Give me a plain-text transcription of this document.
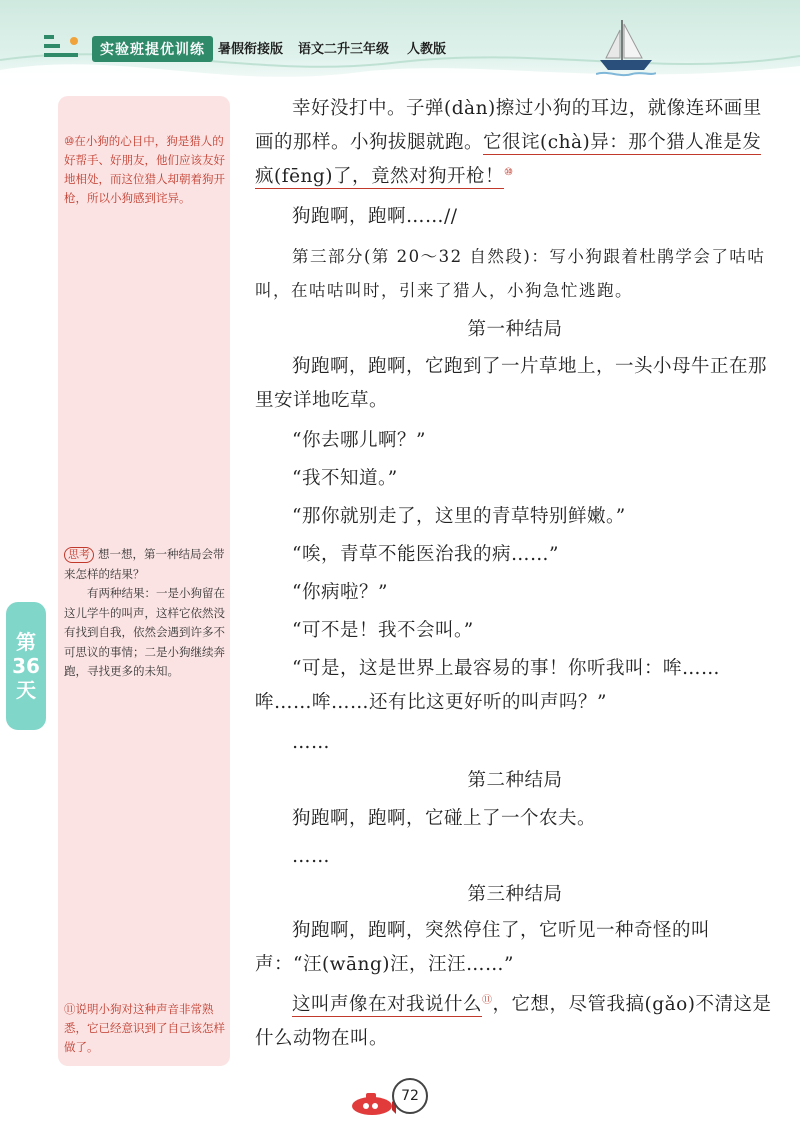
实验班提优训练	暑假衔接版 语文二升三年级 人教版
⑩在小狗的心目中，狗是猎人的好帮手、好朋友，他们应该友好地相处，而这位猎人却朝着狗开枪，所以小狗感到诧异。
思考 想一想，第一种结局会带来怎样的结果？
有两种结果：一是小狗留在这儿学牛的叫声，这样它依然没有找到自我，依然会遇到许多不可思议的事情；二是小狗继续奔跑，寻找更多的未知。
⑪说明小狗对这种声音非常熟悉，它已经意识到了自己该怎样做了。
第
36
天
幸好没打中。子弹(dàn)擦过小狗的耳边，就像连环画里画的那样。小狗拔腿就跑。它很诧(chà)异：那个猎人准是发疯(fēng)了，竟然对狗开枪！⑩
狗跑啊，跑啊……//
第三部分(第 20～32 自然段)：写小狗跟着杜鹃学会了咕咕叫，在咕咕叫时，引来了猎人，小狗急忙逃跑。
第一种结局
狗跑啊，跑啊，它跑到了一片草地上，一头小母牛正在那里安详地吃草。
“你去哪儿啊？”
“我不知道。”
“那你就别走了，这里的青草特别鲜嫩。”
“唉，青草不能医治我的病……”
“你病啦？”
“可不是！我不会叫。”
“可是，这是世界上最容易的事！你听我叫：哞……哞……哞……还有比这更好听的叫声吗？”
……
第二种结局
狗跑啊，跑啊，它碰上了一个农夫。
……
第三种结局
狗跑啊，跑啊，突然停住了，它听见一种奇怪的叫声：“汪(wāng)汪，汪汪……”
这叫声像在对我说什么⑪，它想，尽管我搞(gǎo)不清这是什么动物在叫。
72
